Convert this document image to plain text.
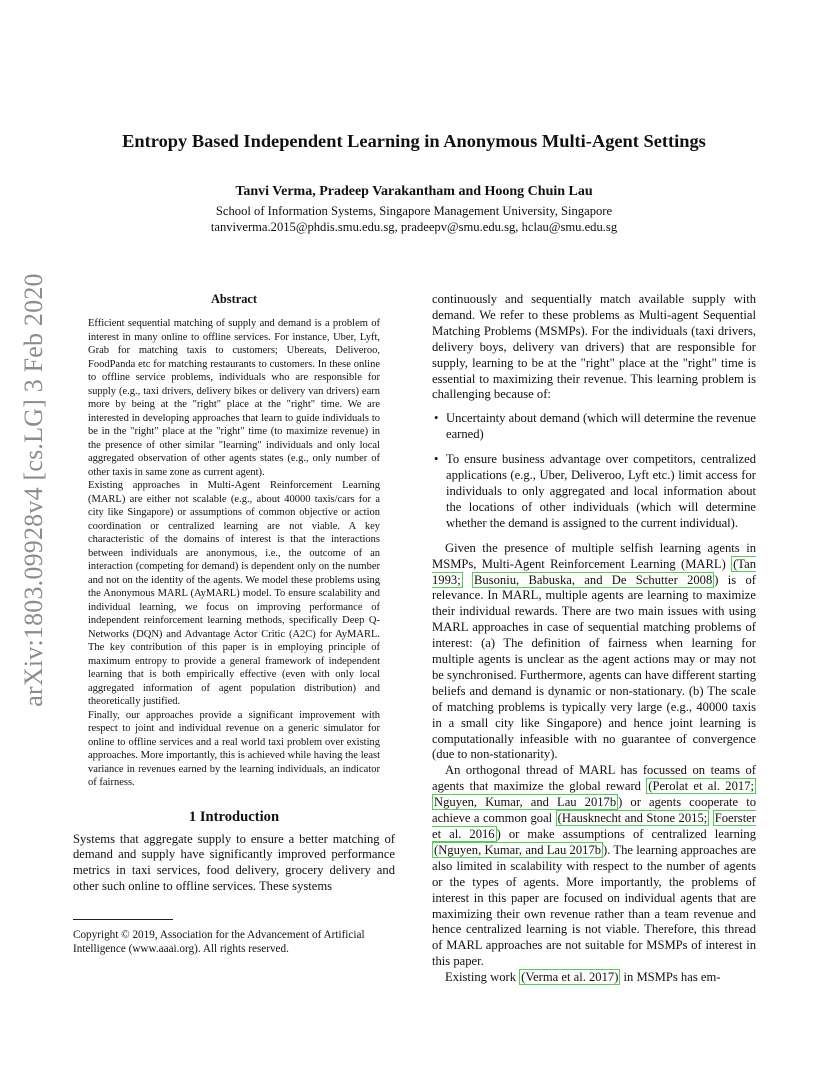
arXiv:1803.09928v4 [cs.LG] 3 Feb 2020
Entropy Based Independent Learning in Anonymous Multi-Agent Settings
Tanvi Verma, Pradeep Varakantham and Hoong Chuin Lau
School of Information Systems, Singapore Management University, Singapore
tanviverma.2015@phdis.smu.edu.sg, pradeepv@smu.edu.sg, hclau@smu.edu.sg
Abstract

Efficient sequential matching of supply and demand is a problem of interest in many online to offline services. For instance, Uber, Lyft, Grab for matching taxis to customers; Ubereats, Deliveroo, FoodPanda etc for matching restaurants to customers. In these online to offline service problems, individuals who are responsible for supply (e.g., taxi drivers, delivery bikes or delivery van drivers) earn more by being at the "right" place at the "right" time. We are interested in developing approaches that learn to guide individuals to be in the "right" place at the "right" time (to maximize revenue) in the presence of other similar "learning" individuals and only local aggregated observation of other agents states (e.g., only number of other taxis in same zone as current agent).

Existing approaches in Multi-Agent Reinforcement Learning (MARL) are either not scalable (e.g., about 40000 taxis/cars for a city like Singapore) or assumptions of common objective or action coordination or centralized learning are not viable. A key characteristic of the domains of interest is that the interactions between individuals are anonymous, i.e., the outcome of an interaction (competing for demand) is dependent only on the number and not on the identity of the agents. We model these problems using the Anonymous MARL (AyMARL) model. To ensure scalability and individual learning, we focus on improving performance of independent reinforcement learning methods, specifically Deep Q-Networks (DQN) and Advantage Actor Critic (A2C) for AyMARL. The key contribution of this paper is in employing principle of maximum entropy to provide a general framework of independent learning that is both empirically effective (even with only local aggregated information of agent population distribution) and theoretically justified.

Finally, our approaches provide a significant improvement with respect to joint and individual revenue on a generic simulator for online to offline services and a real world taxi problem over existing approaches. More importantly, this is achieved while having the least variance in revenues earned by the learning individuals, an indicator of fairness.

1 Introduction

Systems that aggregate supply to ensure a better matching of demand and supply have significantly improved performance metrics in taxi services, food delivery, grocery delivery and other such online to offline services. These systems

Copyright © 2019, Association for the Advancement of Artificial Intelligence (www.aaai.org). All rights reserved.

continuously and sequentially match available supply with demand. We refer to these problems as Multi-agent Sequential Matching Problems (MSMPs). For the individuals (taxi drivers, delivery boys, delivery van drivers) that are responsible for supply, learning to be at the "right" place at the "right" time is essential to maximizing their revenue. This learning problem is challenging because of:

• Uncertainty about demand (which will determine the revenue earned)
• To ensure business advantage over competitors, centralized applications (e.g., Uber, Deliveroo, Lyft etc.) limit access for individuals to only aggregated and local information about the locations of other individuals (which will determine whether the demand is assigned to the current individual).

Given the presence of multiple selfish learning agents in MSMPs, Multi-Agent Reinforcement Learning (MARL) (Tan 1993; Busoniu, Babuska, and De Schutter 2008 ) is of relevance. In MARL, multiple agents are learning to maximize their individual rewards. There are two main issues with using MARL approaches in case of sequential matching problems of interest: (a) The definition of fairness when learning for multiple agents is unclear as the agent actions may or may not be synchronised. Furthermore, agents can have different starting beliefs and demand is dynamic or non-stationary. (b) The scale of matching problems is typically very large (e.g., 40000 taxis in a small city like Singapore) and hence joint learning is computationally infeasible with no guarantee of convergence (due to non-stationarity).

An orthogonal thread of MARL has focussed on teams of agents that maximize the global reward (Perolat et al. 2017; Nguyen, Kumar, and Lau 2017b ) or agents cooperate to achieve a common goal (Hausknecht and Stone 2015; Foerster et al. 2016 ) or make assumptions of centralized learning (Nguyen, Kumar, and Lau 2017b ). The learning approaches are also limited in scalability with respect to the number of agents or the types of agents. More importantly, the problems of interest in this paper are focused on individual agents that are maximizing their own revenue rather than a team revenue and hence centralized learning is not viable. Therefore, this thread of MARL approaches are not suitable for MSMPs of interest in this paper.

Existing work (Verma et al. 2017) in MSMPs has em-
